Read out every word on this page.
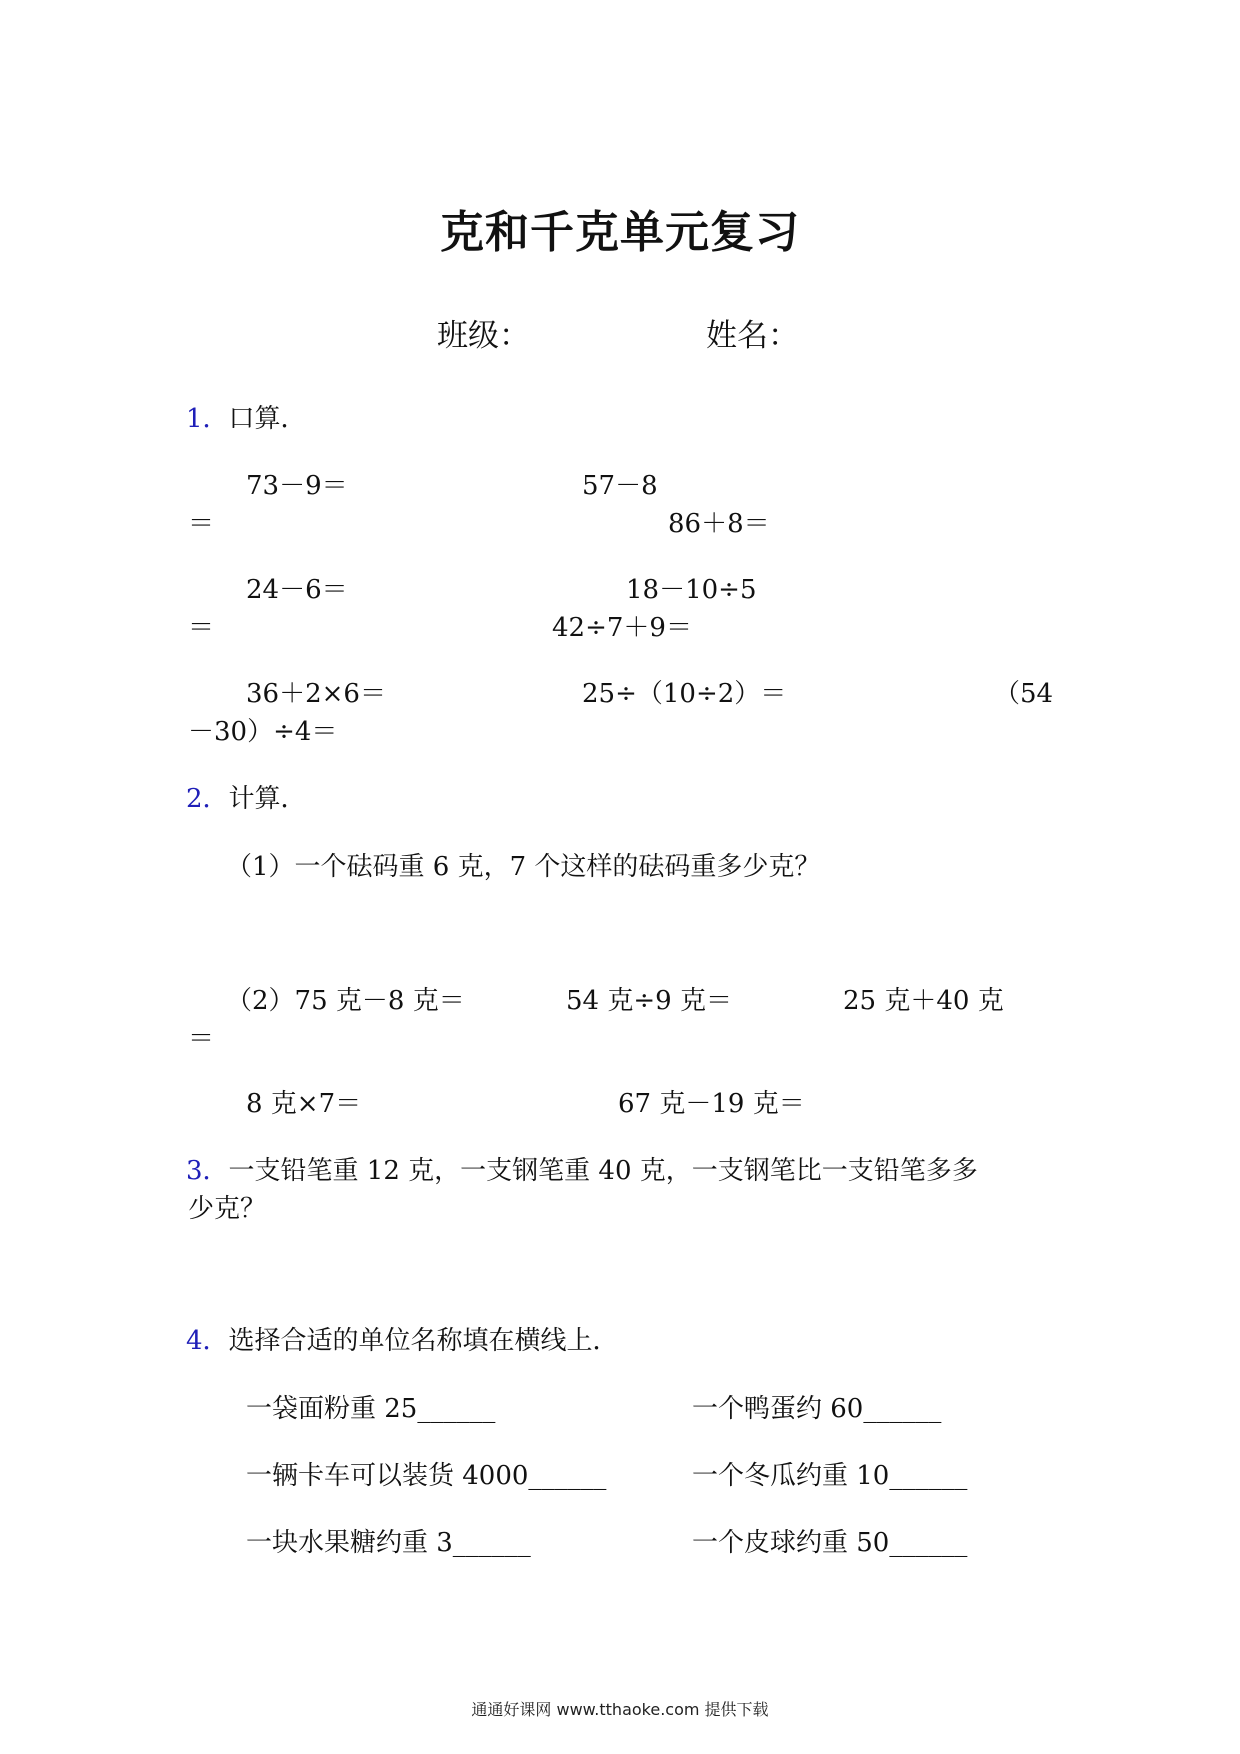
克和千克单元复习
班级：	姓名：
1．口算．
73－9＝	57－8
＝	86＋8＝
24－6＝	18－10÷5
＝	42÷7＋9＝
36＋2×6＝	25÷（10÷2）＝	（54
－30）÷4＝
2．计算．
（1）一个砝码重 6 克，7 个这样的砝码重多少克？
（2）75 克－8 克＝	54 克÷9 克＝	25 克＋40 克
＝
8 克×7＝	67 克－19 克＝
3．一支铅笔重 12 克，一支钢笔重 40 克，一支钢笔比一支铅笔多多
少克？
4．选择合适的单位名称填在横线上．
一袋面粉重 25______	一个鸭蛋约 60______
一辆卡车可以装货 4000______	一个冬瓜约重 10______
一块水果糖约重 3______	一个皮球约重 50______
通通好课网 www.tthaoke.com 提供下载
